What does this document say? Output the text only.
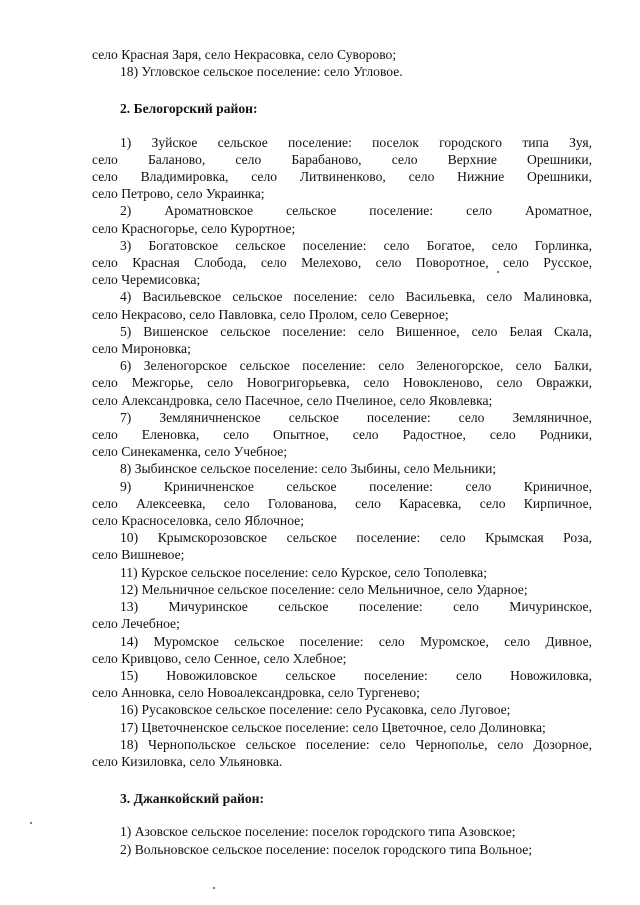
село Красная Заря, село Некрасовка, село Суворово;
18) Угловское сельское поселение: село Угловое.
2. Белогорский район:
1) Зуйское сельское поселение: поселок городского типа Зуя,
село Баланово, село Барабаново, село Верхние Орешники,
село Владимировка, село Литвиненково, село Нижние Орешники,
село Петрово, село Украинка;
2) Ароматновское сельское поселение: село Ароматное,
село Красногорье, село Курортное;
3) Богатовское сельское поселение: село Богатое, село Горлинка,
село Красная Слобода, село Мелехово, село Поворотное, село Русское,
село Черемисовка;
4) Васильевское сельское поселение: село Васильевка, село Малиновка,
село Некрасово, село Павловка, село Пролом, село Северное;
5) Вишенское сельское поселение: село Вишенное, село Белая Скала,
село Мироновка;
6) Зеленогорское сельское поселение: село Зеленогорское, село Балки,
село Межгорье, село Новогригорьевка, село Новокленово, село Овражки,
село Александровка, село Пасечное, село Пчелиное, село Яковлевка;
7) Земляничненское сельское поселение: село Земляничное,
село Еленовка, село Опытное, село Радостное, село Родники,
село Синекаменка, село Учебное;
8) Зыбинское сельское поселение: село Зыбины, село Мельники;
9) Криничненское сельское поселение: село Криничное,
село Алексеевка, село Голованова, село Карасевка, село Кирпичное,
село Красноселовка, село Яблочное;
10) Крымскорозовское сельское поселение: село Крымская Роза,
село Вишневое;
11) Курское сельское поселение: село Курское, село Тополевка;
12) Мельничное сельское поселение: село Мельничное, село Ударное;
13) Мичуринское сельское поселение: село Мичуринское,
село Лечебное;
14) Муромское сельское поселение: село Муромское, село Дивное,
село Кривцово, село Сенное, село Хлебное;
15) Новожиловское сельское поселение: село Новожиловка,
село Анновка, село Новоалександровка, село Тургенево;
16) Русаковское сельское поселение: село Русаковка, село Луговое;
17) Цветочненское сельское поселение: село Цветочное, село Долиновка;
18) Чернопольское сельское поселение: село Чернополье, село Дозорное,
село Кизиловка, село Ульяновка.
3. Джанкойский район:
1) Азовское сельское поселение: поселок городского типа Азовское;
2) Вольновское сельское поселение: поселок городского типа Вольное;
